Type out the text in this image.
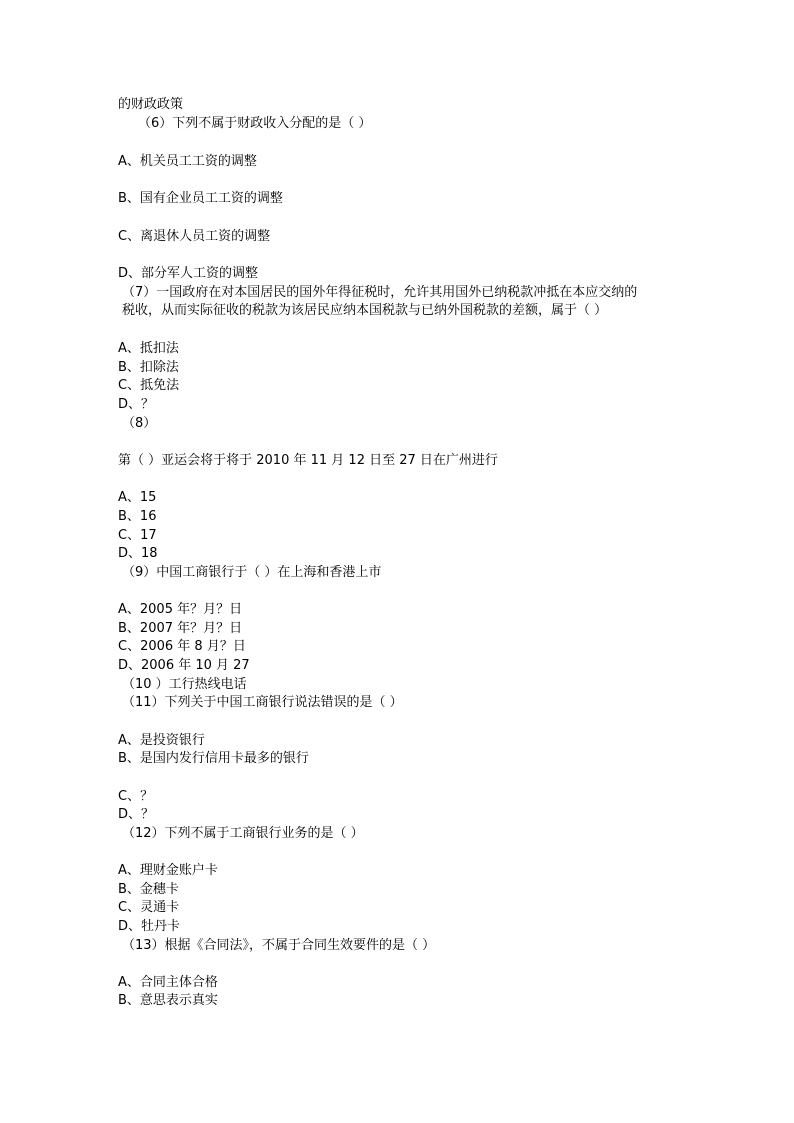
的财政政策
（6）下列不属于财政收入分配的是（ ）
A、机关员工工资的调整
B、国有企业员工工资的调整
C、离退休人员工资的调整
D、部分军人工资的调整
（7）一国政府在对本国居民的国外年得征税时，允许其用国外已纳税款冲抵在本应交纳的
税收，从而实际征收的税款为该居民应纳本国税款与已纳外国税款的差额，属于（ ）
A、抵扣法
B、扣除法
C、抵免法
D、？
（8）
第（ ）亚运会将于将于 2010 年 11 月 12 日至 27 日在广州进行
A、15
B、16
C、17
D、18
（9）中国工商银行于（ ）在上海和香港上市
A、2005 年？月？日
B、2007 年？月？日
C、2006 年 8 月？日
D、2006 年 10 月 27
（10 ）工行热线电话
（11）下列关于中国工商银行说法错误的是（ ）
A、是投资银行
B、是国内发行信用卡最多的银行
C、？
D、？
（12）下列不属于工商银行业务的是（ ）
A、理财金账户卡
B、金穗卡
C、灵通卡
D、牡丹卡
（13）根据《合同法》，不属于合同生效要件的是（ ）
A、合同主体合格
B、意思表示真实
